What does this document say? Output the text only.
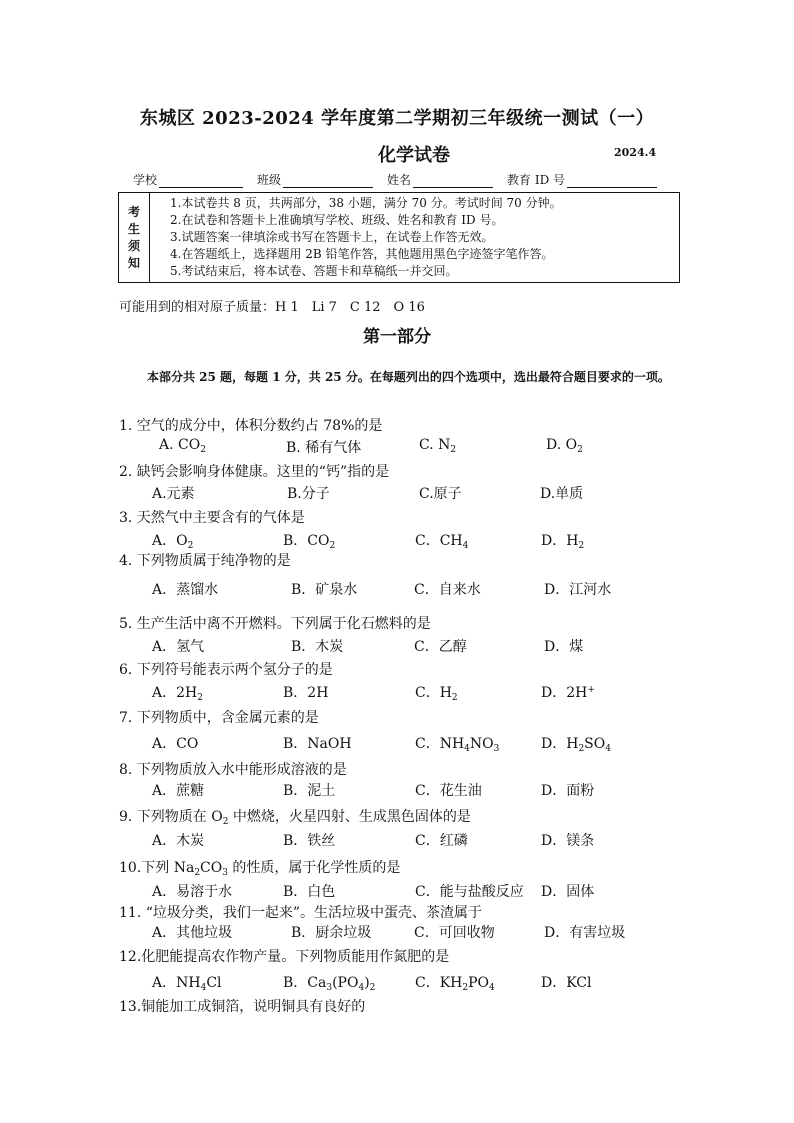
东城区 2023-2024 学年度第二学期初三年级统一测试（一）
化学试卷	2024.4
学校	班级	姓名	教育 ID 号
考
生
须
知
1.本试卷共 8 页，共两部分，38 小题，满分 70 分。考试时间 70 分钟。
2.在试卷和答题卡上准确填写学校、班级、姓名和教育 ID 号。
3.试题答案一律填涂或书写在答题卡上，在试卷上作答无效。
4.在答题纸上，选择题用 2B 铅笔作答，其他题用黑色字迹签字笔作答。
5.考试结束后，将本试卷、答题卡和草稿纸一并交回。
可能用到的相对原子质量：H 1　Li 7　C 12　O 16
第一部分
本部分共 25 题，每题 1 分，共 25 分。在每题列出的四个选项中，选出最符合题目要求的一项。
1. 空气的成分中，体积分数约占 78%的是
A. $CO_2$	B. 稀有气体	C. $N_2$	D. $O_2$
2. 缺钙会影响身体健康。这里的“钙”指的是
A.元素	B.分子	C.原子	D.单质
3. 天然气中主要含有的气体是
A．$O_2$	B．$CO_2$	C．$CH_4$	D．$H_2$
4. 下列物质属于纯净物的是
A．蒸馏水	B．矿泉水	C．自来水	D．江河水
5. 生产生活中离不开燃料。下列属于化石燃料的是
A．氢气	B．木炭	C．乙醇	D．煤
6. 下列符号能表示两个氢分子的是
A．$2H_2$	B．2H	C．$H_2$	D．2H+
7. 下列物质中，含金属元素的是
A．CO	B．NaOH	C．$NH_4NO_3$	D．$H_2SO_4$
8. 下列物质放入水中能形成溶液的是
A．蔗糖	B．泥土	C．花生油	D．面粉
9. 下列物质在 $O_2$ 中燃烧，火星四射、生成黑色固体的是
A．木炭	B．铁丝	C．红磷	D．镁条
10.下列 $Na_2CO_3$ 的性质，属于化学性质的是
A．易溶于水	B．白色	C．能与盐酸反应 D．固体
11. “垃圾分类，我们一起来”。生活垃圾中蛋壳、茶渣属于
A．其他垃圾	B．厨余垃圾	C．可回收物	D．有害垃圾
12.化肥能提高农作物产量。下列物质能用作氮肥的是
A．$NH_4Cl$	B．$Ca_3(PO_4)_2$	C．$KH_2PO_4$	D．KCl
13.铜能加工成铜箔，说明铜具有良好的
